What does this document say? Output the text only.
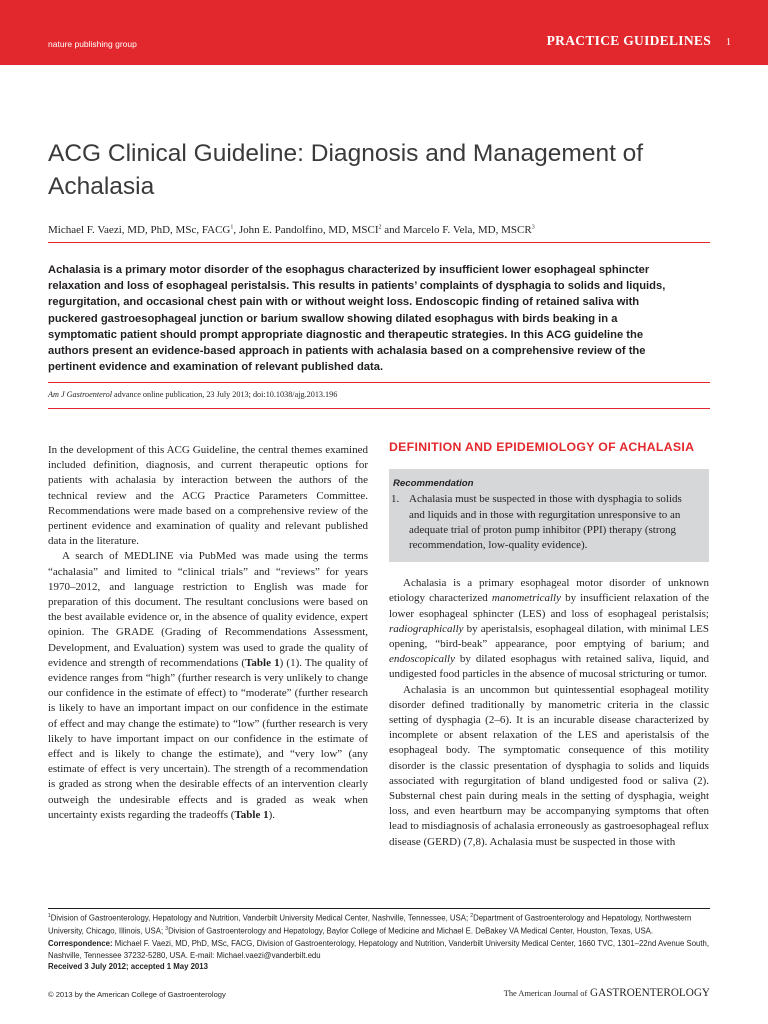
nature publishing group	PRACTICE GUIDELINES 1
ACG Clinical Guideline: Diagnosis and Management of Achalasia
Michael F. Vaezi, MD, PhD, MSc, FACG$^1$, John E. Pandolfino, MD, MSCI$^2$ and Marcelo F. Vela, MD, MSCR$^3$

Achalasia is a primary motor disorder of the esophagus characterized by insufficient lower esophageal sphincter relaxation and loss of esophageal peristalsis. This results in patients’ complaints of dysphagia to solids and liquids, regurgitation, and occasional chest pain with or without weight loss. Endoscopic finding of retained saliva with puckered gastroesophageal junction or barium swallow showing dilated esophagus with birds beaking in a symptomatic patient should prompt appropriate diagnostic and therapeutic strategies. In this ACG guideline the authors present an evidence-based approach in patients with achalasia based on a comprehensive review of the pertinent evidence and examination of relevant published data.

Am J Gastroenterol advance online publication, 23 July 2013; doi:10.1038/ajg.2013.196

In the development of this ACG Guideline, the central themes examined included definition, diagnosis, and current therapeutic options for patients with achalasia by interaction between the authors of the technical review and the ACG Practice Parameters Committee. Recommendations were made based on a comprehensive review of the pertinent evidence and examination of quality and relevant published data in the literature.

A search of MEDLINE via PubMed was made using the terms “achalasia” and limited to “clinical trials” and “reviews” for years 1970–2012, and language restriction to English was made for preparation of this document. The resultant conclusions were based on the best available evidence or, in the absence of quality evidence, expert opinion. The GRADE (Grading of Recommendations Assessment, Development, and Evaluation) system was used to grade the quality of evidence and strength of recommendations (Table 1) (1). The quality of evidence ranges from “high” (further research is very unlikely to change our confidence in the estimate of effect) to “moderate” (further research is likely to have an important impact on our confidence in the estimate of effect and may change the estimate) to “low” (further research is very likely to have important impact on our confidence in the estimate of effect and is likely to change the estimate), and “very low” (any estimate of effect is very uncertain). The strength of a recommendation is graded as strong when the desirable effects of an intervention clearly outweigh the undesirable effects and is graded as weak when uncertainty exists regarding the tradeoffs (Table 1).

DEFINITION AND EPIDEMIOLOGY OF ACHALASIA
Recommendation
1. Achalasia must be suspected in those with dysphagia to solids and liquids and in those with regurgitation unresponsive to an adequate trial of proton pump inhibitor (PPI) therapy (strong recommendation, low-quality evidence).

Achalasia is a primary esophageal motor disorder of unknown etiology characterized manometrically by insufficient relaxation of the lower esophageal sphincter (LES) and loss of esophageal peristalsis; radiographically by aperistalsis, esophageal dilation, with minimal LES opening, “bird-beak” appearance, poor emptying of barium; and endoscopically by dilated esophagus with retained saliva, liquid, and undigested food particles in the absence of mucosal stricturing or tumor.

Achalasia is an uncommon but quintessential esophageal motility disorder defined traditionally by manometric criteria in the classic setting of dysphagia (2–6). It is an incurable disease characterized by incomplete or absent relaxation of the LES and aperistalsis of the esophageal body. The symptomatic consequence of this motility disorder is the classic presentation of dysphagia to solids and liquids associated with regurgitation of bland undigested food or saliva (2). Substernal chest pain during meals in the setting of dysphagia, weight loss, and even heartburn may be accompanying symptoms that often lead to misdiagnosis of achalasia erroneously as gastroesophageal reflux disease (GERD) (7,8). Achalasia must be suspected in those with

$^1$Division of Gastroenterology, Hepatology and Nutrition, Vanderbilt University Medical Center, Nashville, Tennessee, USA; $^2$Department of Gastroenterology and Hepatology, Northwestern University, Chicago, Illinois, USA; $^3$Division of Gastroenterology and Hepatology, Baylor College of Medicine and Michael E. DeBakey VA Medical Center, Houston, Texas, USA. Correspondence: Michael F. Vaezi, MD, PhD, MSc, FACG, Division of Gastroenterology, Hepatology and Nutrition, Vanderbilt University Medical Center, 1660 TVC, 1301–22nd Avenue South, Nashville, Tennessee 37232-5280, USA. E-mail: Michael.vaezi@vanderbilt.edu
Received 3 July 2012; accepted 1 May 2013
© 2013 by the American College of Gastroenterology	The American Journal of GASTROENTEROLOGY
